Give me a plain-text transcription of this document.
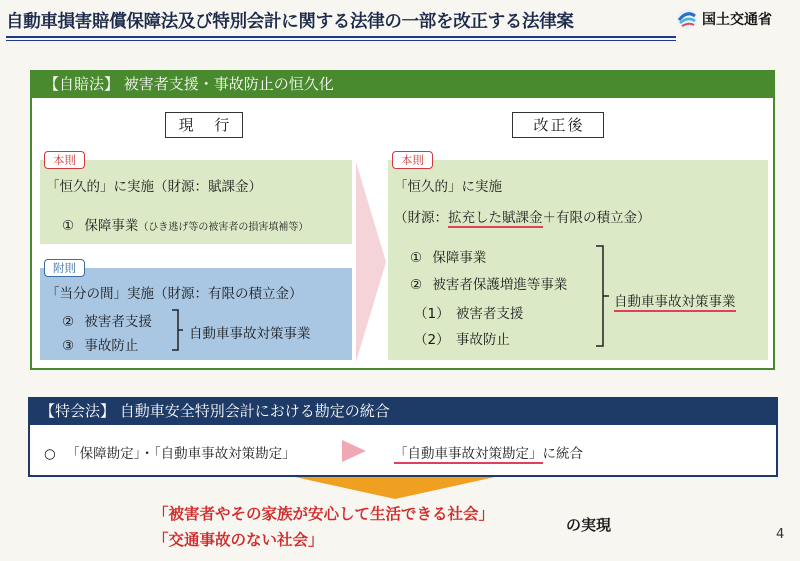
自動車損害賠償保障法及び特別会計に関する法律の一部を改正する法律案	国土交通省
【自賠法】 被害者支援・事故防止の恒久化
現 行	改正後
本則
「恒久的」に実施（財源：賦課金）
① 保障事業（ひき逃げ等の被害者の損害填補等）
附則
「当分の間」実施（財源：有限の積立金）
② 被害者支援
③ 事故防止
自動車事故対策事業
本則
「恒久的」に実施
（財源：拡充した賦課金＋有限の積立金）
① 保障事業
② 被害者保護増進等事業
（1） 被害者支援
（2） 事故防止
自動車事故対策事業
【特会法】 自動車安全特別会計における勘定の統合
○ 「保障勘定」・「自動車事故対策勘定」	「自動車事故対策勘定」に統合
「被害者やその家族が安心して生活できる社会」
「交通事故のない社会」
の実現
4
